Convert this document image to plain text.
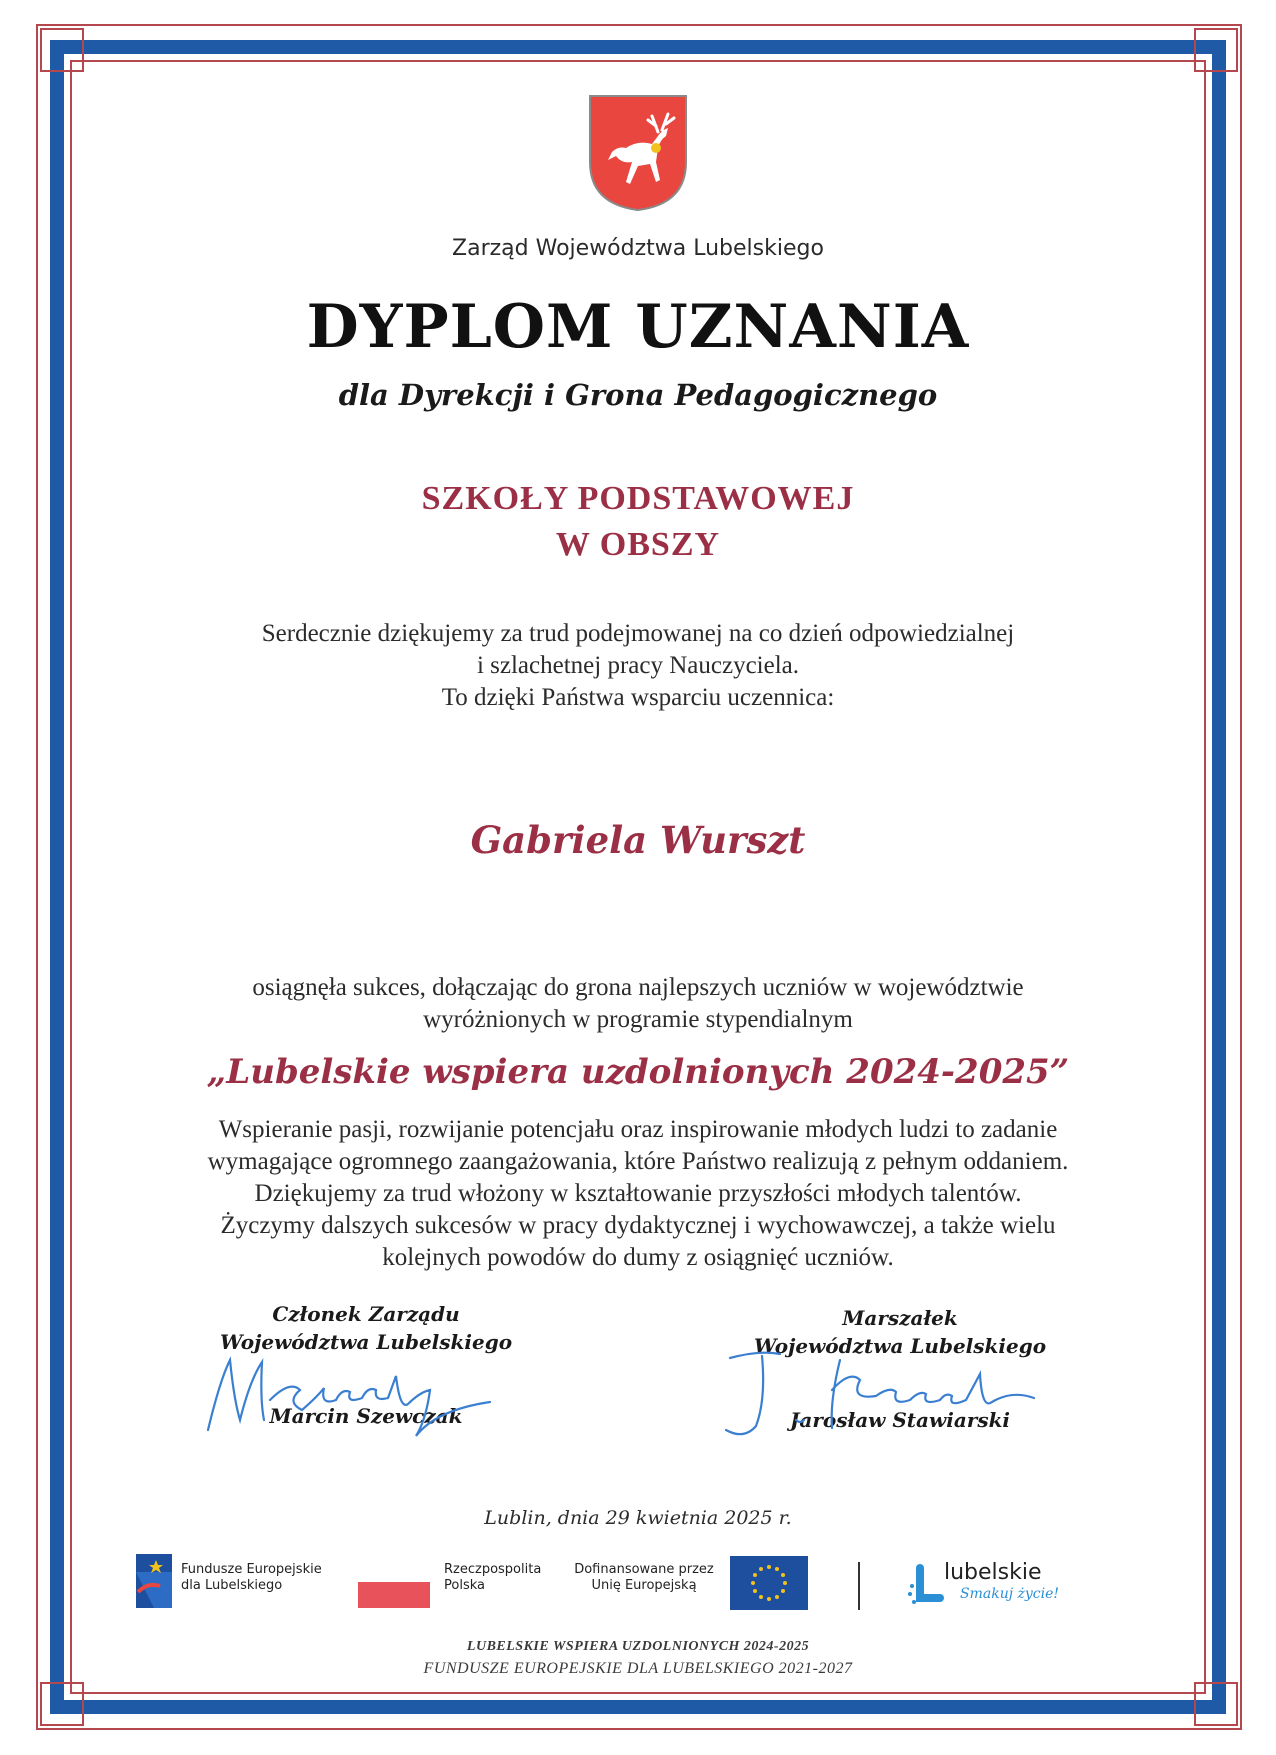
Zarząd Województwa Lubelskiego
DYPLOM UZNANIA
dla Dyrekcji i Grona Pedagogicznego
SZKOŁY PODSTAWOWEJ
W OBSZY
Serdecznie dziękujemy za trud podejmowanej na co dzień odpowiedzialnej
i szlachetnej pracy Nauczyciela.
To dzięki Państwa wsparciu uczennica:
Gabriela Wurszt
osiągnęła sukces, dołączając do grona najlepszych uczniów w województwie
wyróżnionych w programie stypendialnym
„Lubelskie wspiera uzdolnionych 2024-2025”
Wspieranie pasji, rozwijanie potencjału oraz inspirowanie młodych ludzi to zadanie
wymagające ogromnego zaangażowania, które Państwo realizują z pełnym oddaniem.
Dziękujemy za trud włożony w kształtowanie przyszłości młodych talentów.
Życzymy dalszych sukcesów w pracy dydaktycznej i wychowawczej, a także wielu
kolejnych powodów do dumy z osiągnięć uczniów.
Członek Zarządu
Województwa Lubelskiego
Marcin Szewczak
Marszałek
Województwa Lubelskiego
Jarosław Stawiarski
Lublin, dnia 29 kwietnia 2025 r.
Fundusze Europejskie
dla Lubelskiego
Rzeczpospolita
Polska
Dofinansowane przez
Unię Europejską
lubelskie
Smakuj życie!
LUBELSKIE WSPIERA UZDOLNIONYCH 2024-2025
FUNDUSZE EUROPEJSKIE DLA LUBELSKIEGO 2021-2027
